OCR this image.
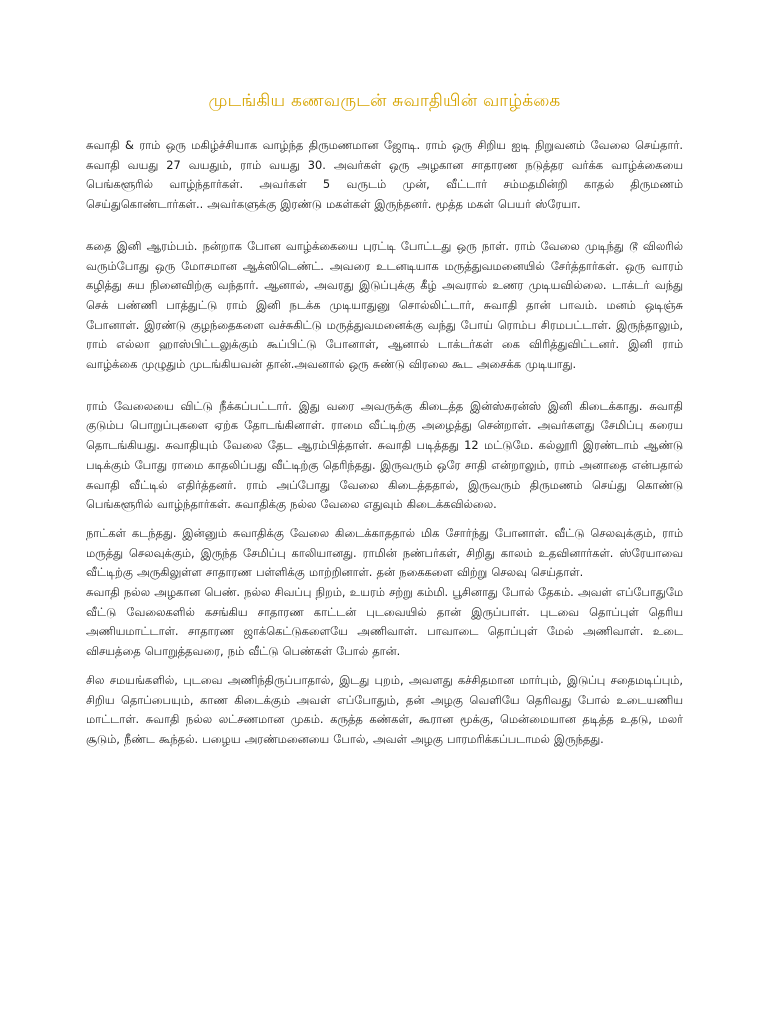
முடங்கிய கணவருடன் சுவாதியின் வாழ்க்கை

சுவாதி & ராம் ஒரு மகிழ்ச்சியாக வாழ்ந்த திருமணமான ஜோடி. ராம் ஒரு சிறிய ஐடி நிறுவனம் வேலை செய்தார். சுவாதி வயது 27 வயதும், ராம் வயது 30. அவர்கள் ஒரு அழகான சாதாரண நடுத்தர வர்க்க வாழ்க்கையை பெங்களூரில் வாழ்ந்தார்கள். அவர்கள் 5 வருடம் முன், வீட்டார் சம்மதமின்றி காதல் திருமணம் செய்துகொண்டார்கள்.. அவர்களுக்கு இரண்டு மகள்கள் இருந்தனர். மூத்த மகள் பெயர் ஸ்ரேயா.

கதை இனி ஆரம்பம். நன்றாக போன வாழ்க்கையை புரட்டி போட்டது ஒரு நாள். ராம் வேலை முடிந்து டூ விலரில் வரும்போது ஒரு மோசமான ஆக்ஸிடெண்ட். அவரை உடனடியாக மருத்துவமனையில் சேர்த்தார்கள். ஒரு வாரம் கழித்து சுய நினைவிற்கு வந்தார். ஆனால், அவரது இடுப்புக்கு கீழ் அவரால் உணர முடியவில்லை. டாக்டர் வந்து செக் பண்ணி பாத்துட்டு ராம் இனி நடக்க முடியாதுனு சொல்லிட்டார், சுவாதி தான் பாவம். மனம் ஒடிஞ்சு போனாள். இரண்டு குழந்தைகளை வச்சுகிட்டு மருத்துவமனைக்கு வந்து போய் ரொம்ப சிரமபட்டாள். இருந்தாலும், ராம் எல்லா ஹாஸ்பிட்டலுக்கும் கூப்பிட்டு போனாள், ஆனால் டாக்டர்கள் கை விரித்துவிட்டனர். இனி ராம் வாழ்க்கை முழுதும் முடங்கியவன் தான்.அவனால் ஒரு சுண்டு விரலை கூட அசைக்க முடியாது.

ராம் வேலையை விட்டு நீக்கப்பட்டார். இது வரை அவருக்கு கிடைத்த இன்ஸ்சுரன்ஸ் இனி கிடைக்காது. சுவாதி குடும்ப பொறுப்புகளை ஏற்க தோடங்கினாள். ராமை வீட்டிற்கு அழைத்து சென்றாள். அவர்களது சேமிப்பு கரைய தொடங்கியது. சுவாதியும் வேலை தேட ஆரம்பித்தாள். சுவாதி படித்தது 12 மட்டுமே. கல்லூரி இரண்டாம் ஆண்டு படிக்கும் போது ராமை காதலிப்பது வீட்டிற்கு தெரிந்தது. இருவரும் ஒரே சாதி என்றாலும், ராம் அனாதை என்பதால் சுவாதி வீட்டில் எதிர்த்தனர். ராம் அப்போது வேலை கிடைத்ததால், இருவரும் திருமணம் செய்து கொண்டு பெங்களூரில் வாழ்ந்தார்கள். சுவாதிக்கு நல்ல வேலை எதுவும் கிடைக்கவில்லை.

நாட்கள் கடந்தது. இன்னும் சுவாதிக்கு வேலை கிடைக்காததால் மிக சோர்ந்து போனாள். வீட்டு செலவுக்கும், ராம் மருத்து செலவுக்கும், இருந்த சேமிப்பு காலியானது. ராமின் நண்பர்கள், சிறிது காலம் உதவினார்கள். ஸ்ரேயாவை வீட்டிற்கு அருகிலுள்ள சாதாரண பள்ளிக்கு மாற்றினாள். தன் நகைகளை விற்று செலவு செய்தாள்.

சுவாதி நல்ல அழகான பெண். நல்ல சிவப்பு நிறம், உயரம் சற்று கம்மி. பூசினாது போல் தேகம். அவள் எப்போதுமே வீட்டு வேலைகளில் கசங்கிய சாதாரண காட்டன் புடவையில் தான் இருப்பாள். புடவை தொப்புள் தெரிய அணியமாட்டாள். சாதாரண ஜாக்கெட்டுகளையே அணிவாள். பாவாடை தொப்புள் மேல் அணிவாள். உடை விசயத்தை பொறுத்தவரை, நம் வீட்டு பெண்கள் போல் தான்.

சில சமயங்களில், புடவை அணிந்திருப்பாதால், இடது புறம், அவளது கச்சிதமான மார்பும், இடுப்பு சதைமடிப்பும், சிறிய தொப்பையும், காண கிடைக்கும் அவள் எப்போதும், தன் அழகு வெளியே தெரிவது போல் உடையணிய மாட்டாள். சுவாதி நல்ல லட்சணமான முகம். கருத்த கண்கள், கூரான மூக்கு, மென்மையான தடித்த உதடு, மலர் சூடும், நீண்ட கூந்தல். பழைய அரண்மனையை போல், அவள் அழகு பாரமரிக்கப்படாமல் இருந்தது.
